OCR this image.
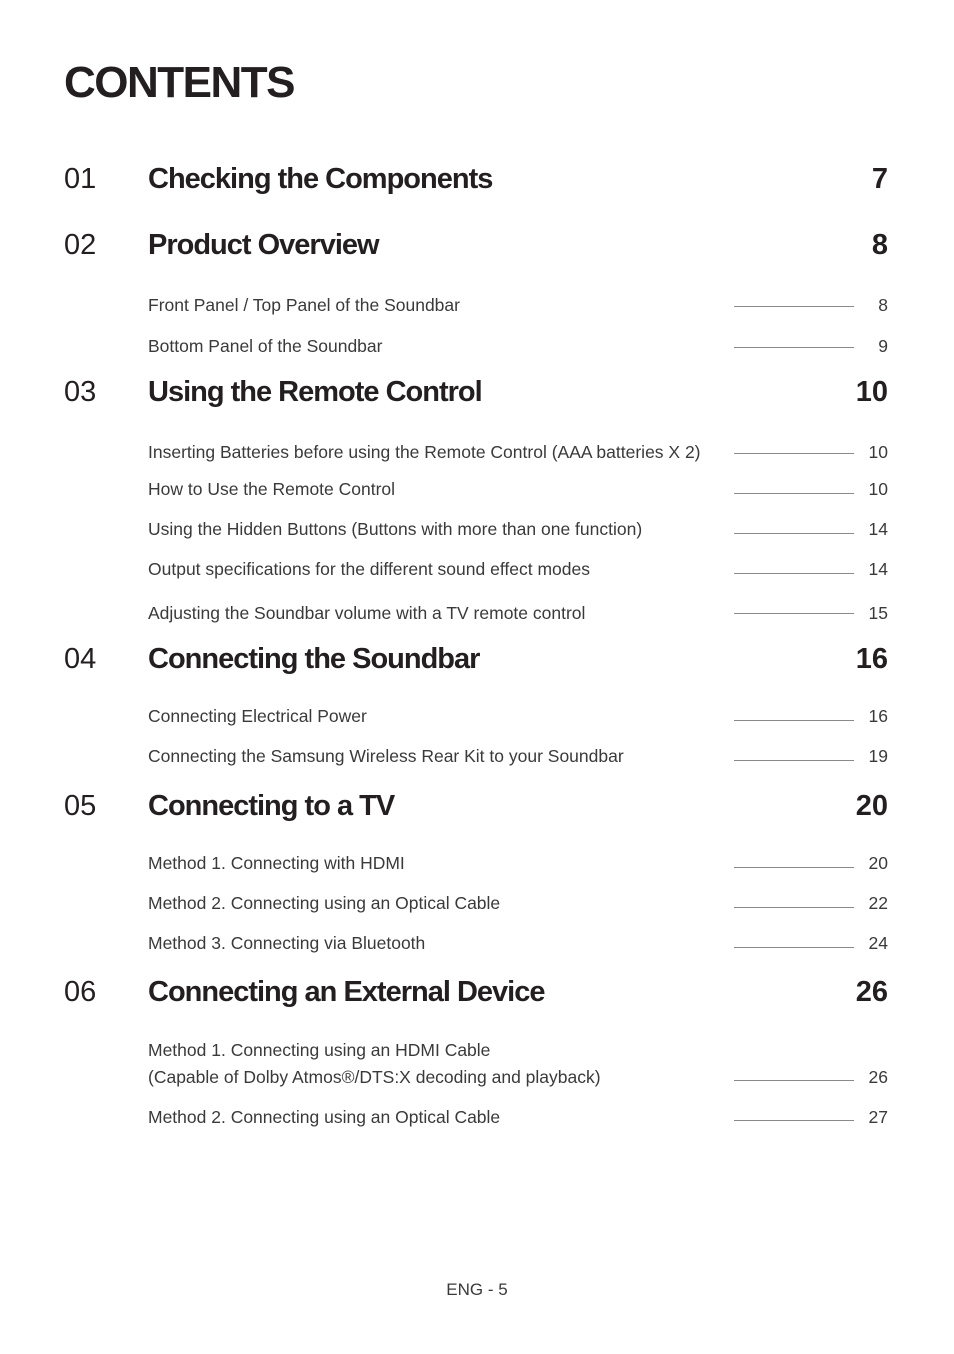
CONTENTS
01 Checking the Components	7
02 Product Overview	8
Front Panel / Top Panel of the Soundbar	8
Bottom Panel of the Soundbar	9
03 Using the Remote Control	10
Inserting Batteries before using the Remote Control (AAA batteries X 2)	10
How to Use the Remote Control	10
Using the Hidden Buttons (Buttons with more than one function)	14
Output specifications for the different sound effect modes	14
Adjusting the Soundbar volume with a TV remote control	15
04 Connecting the Soundbar	16
Connecting Electrical Power	16
Connecting the Samsung Wireless Rear Kit to your Soundbar	19
05 Connecting to a TV	20
Method 1. Connecting with HDMI	20
Method 2. Connecting using an Optical Cable	22
Method 3. Connecting via Bluetooth	24
06 Connecting an External Device	26
Method 1. Connecting using an HDMI Cable
(Capable of Dolby Atmos®/DTS:X decoding and playback)	26
Method 2. Connecting using an Optical Cable	27
ENG - 5
